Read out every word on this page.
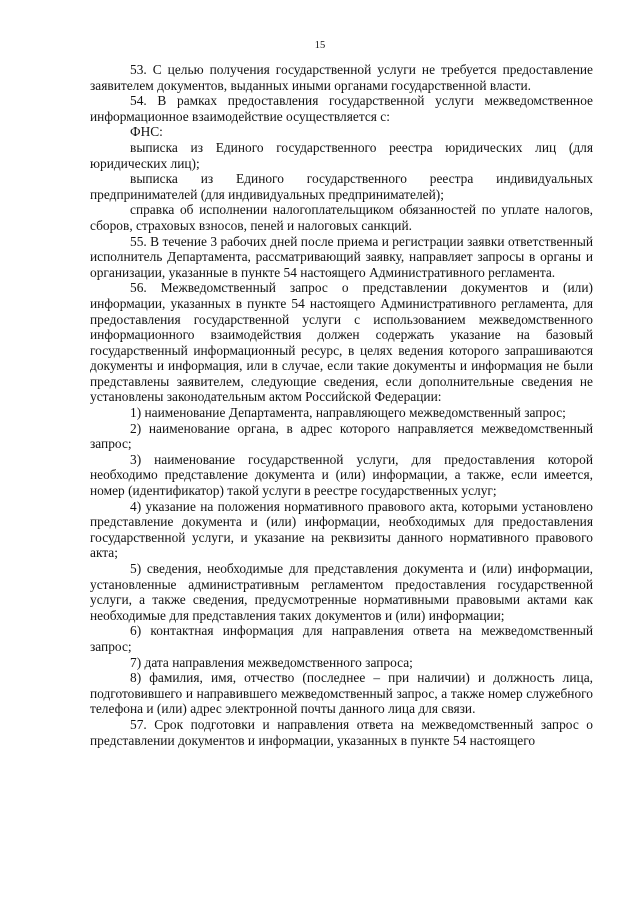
15

53. С целью получения государственной услуги не требуется предоставление заявителем документов, выданных иными органами государственной власти.

54. В рамках предоставления государственной услуги межведомственное информационное взаимодействие осуществляется с:

ФНС:

выписка из Единого государственного реестра юридических лиц (для юридических лиц);

выписка из Единого государственного реестра индивидуальных предпринимателей (для индивидуальных предпринимателей);

справка об исполнении налогоплательщиком обязанностей по уплате налогов, сборов, страховых взносов, пеней и налоговых санкций.

55. В течение 3 рабочих дней после приема и регистрации заявки ответственный исполнитель Департамента, рассматривающий заявку, направляет запросы в органы и организации, указанные в пункте 54 настоящего Административного регламента.

56. Межведомственный запрос о представлении документов и (или) информации, указанных в пункте 54 настоящего Административного регламента, для предоставления государственной услуги с использованием межведомственного информационного взаимодействия должен содержать указание на базовый государственный информационный ресурс, в целях ведения которого запрашиваются документы и информация, или в случае, если такие документы и информация не были представлены заявителем, следующие сведения, если дополнительные сведения не установлены законодательным актом Российской Федерации:

1) наименование Департамента, направляющего межведомственный запрос;

2) наименование органа, в адрес которого направляется межведомственный запрос;

3) наименование государственной услуги, для предоставления которой необходимо представление документа и (или) информации, а также, если имеется, номер (идентификатор) такой услуги в реестре государственных услуг;

4) указание на положения нормативного правового акта, которыми установлено представление документа и (или) информации, необходимых для предоставления государственной услуги, и указание на реквизиты данного нормативного правового акта;

5) сведения, необходимые для представления документа и (или) информации, установленные административным регламентом предоставления государственной услуги, а также сведения, предусмотренные нормативными правовыми актами как необходимые для представления таких документов и (или) информации;

6) контактная информация для направления ответа на межведомственный запрос;

7) дата направления межведомственного запроса;

8) фамилия, имя, отчество (последнее – при наличии) и должность лица, подготовившего и направившего межведомственный запрос, а также номер служебного телефона и (или) адрес электронной почты данного лица для связи.

57. Срок подготовки и направления ответа на межведомственный запрос о представлении документов и информации, указанных в пункте 54 настоящего
